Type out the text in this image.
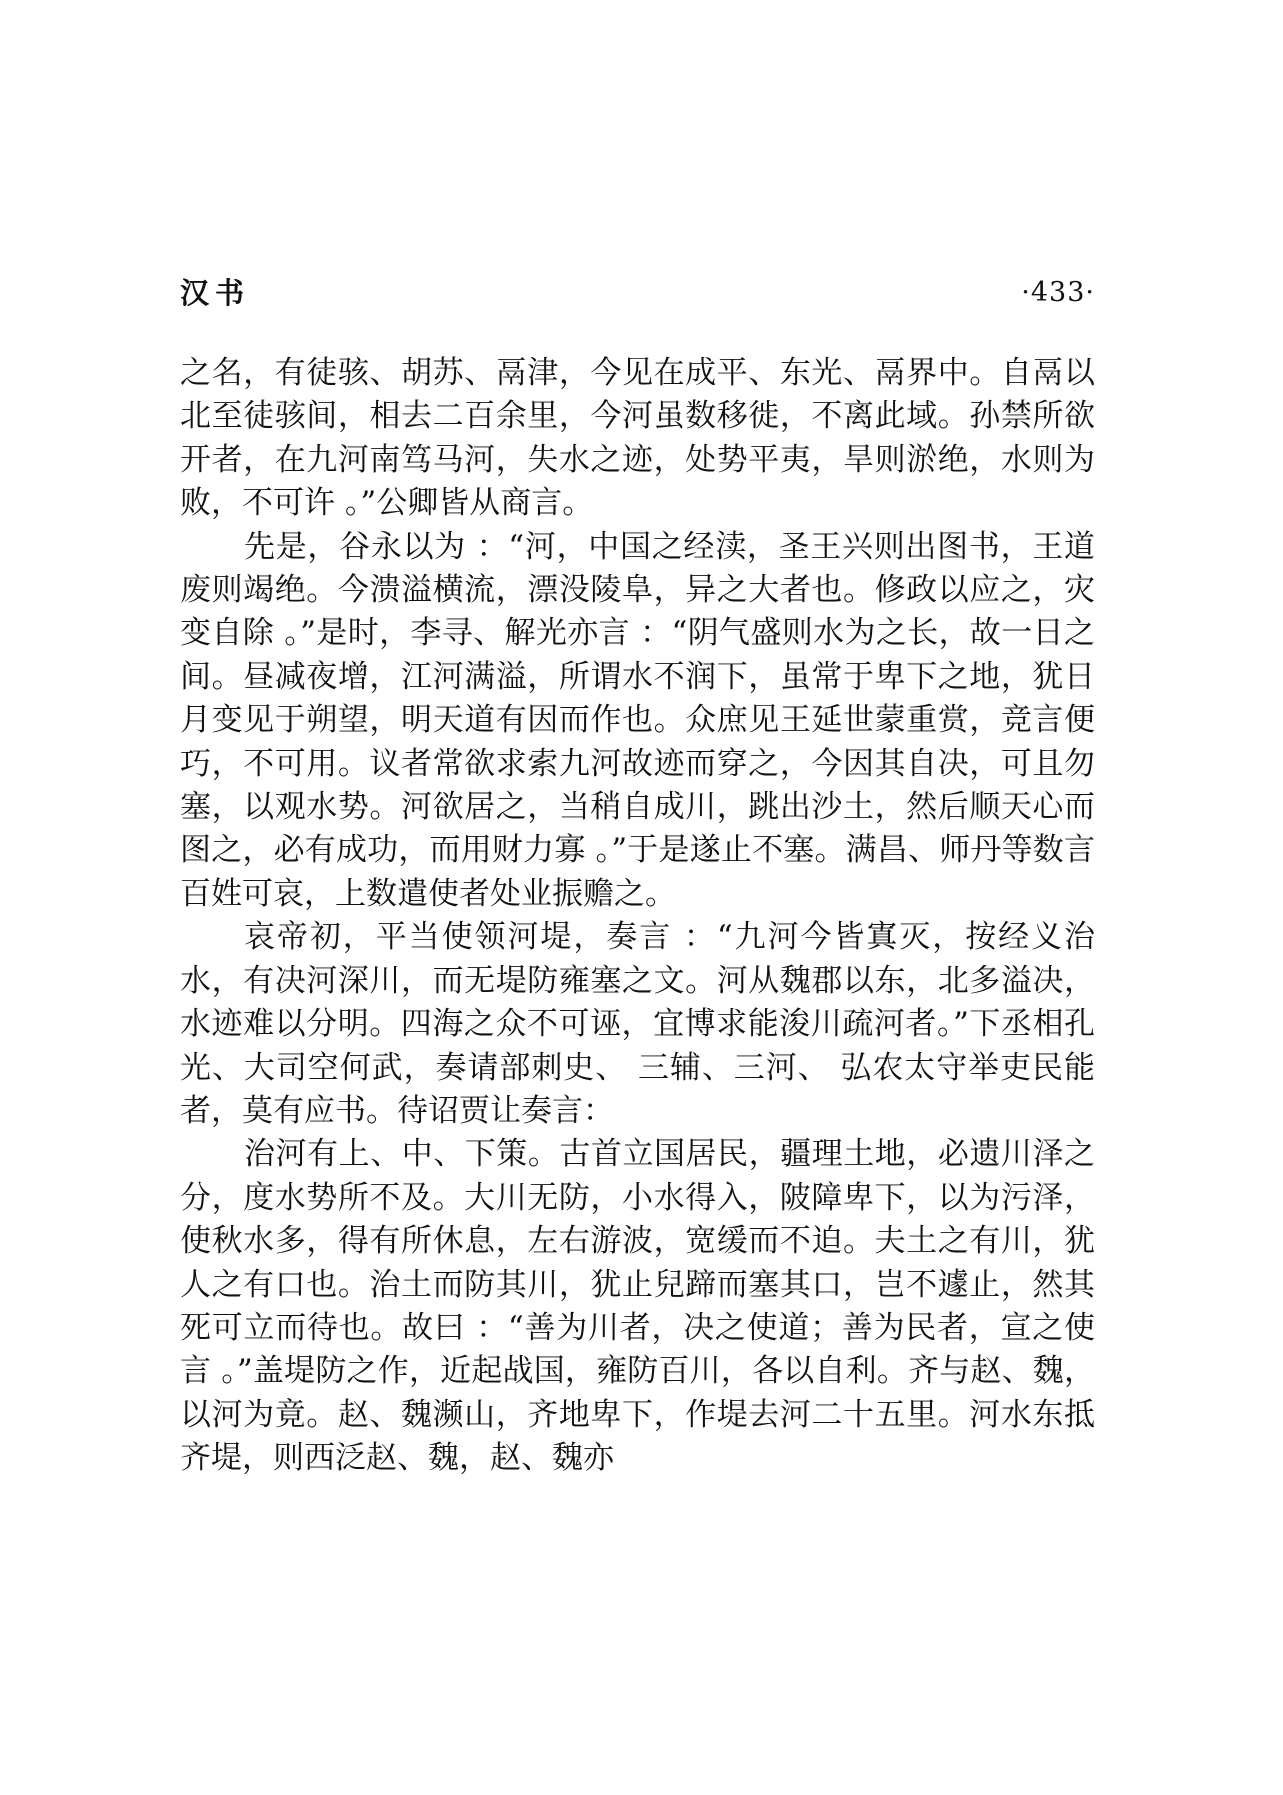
汉书	·433·

之名，有徒骇、胡苏、鬲津，今见在成平、东光、鬲界中。自鬲以北至徒骇间，相去二百余里，今河虽数移徙，不离此域。孙禁所欲开者，在九河南笃马河，失水之迹，处势平夷，旱则淤绝，水则为败，不可许 。”公卿皆从商言。

先是，谷永以为 ：“河，中国之经渎，圣王兴则出图书，王道废则竭绝。今溃溢横流，漂没陵阜，异之大者也。修政以应之，灾变自除 。”是时，李寻、解光亦言 ：“阴气盛则水为之长，故一日之间。昼减夜增，江河满溢，所谓水不润下，虽常于卑下之地，犹日月变见于朔望，明天道有因而作也。众庶见王延世蒙重赏，竞言便巧，不可用。议者常欲求索九河故迹而穿之，今因其自决，可且勿塞，以观水势。河欲居之，当稍自成川，跳出沙土，然后顺天心而图之，必有成功，而用财力寡 。”于是遂止不塞。满昌、师丹等数言百姓可哀，上数遣使者处业振赡之。

哀帝初，平当使领河堤，奏言 ：“九河今皆寘灭，按经义治水，有决河深川，而无堤防雍塞之文。河从魏郡以东，北多溢决，水迹难以分明。四海之众不可诬，宜博求能浚川疏河者。”下丞相孔光、大司空何武，奏请部刺史、 三辅、三河、 弘农太守举吏民能者，莫有应书。待诏贾让奏言：

治河有上、中、下策。古首立国居民，疆理土地，必遗川泽之分，度水势所不及。大川无防，小水得入，陂障卑下，以为污泽，使秋水多，得有所休息，左右游波，宽缓而不迫。夫土之有川，犹人之有口也。治土而防其川，犹止兒蹄而塞其口，岂不遽止，然其死可立而待也。故曰 ：“善为川者，决之使道；善为民者，宣之使言 。”盖堤防之作，近起战国，雍防百川，各以自利。齐与赵、魏，以河为竟。赵、魏濒山，齐地卑下，作堤去河二十五里。河水东抵齐堤，则西泛赵、魏，赵、魏亦
